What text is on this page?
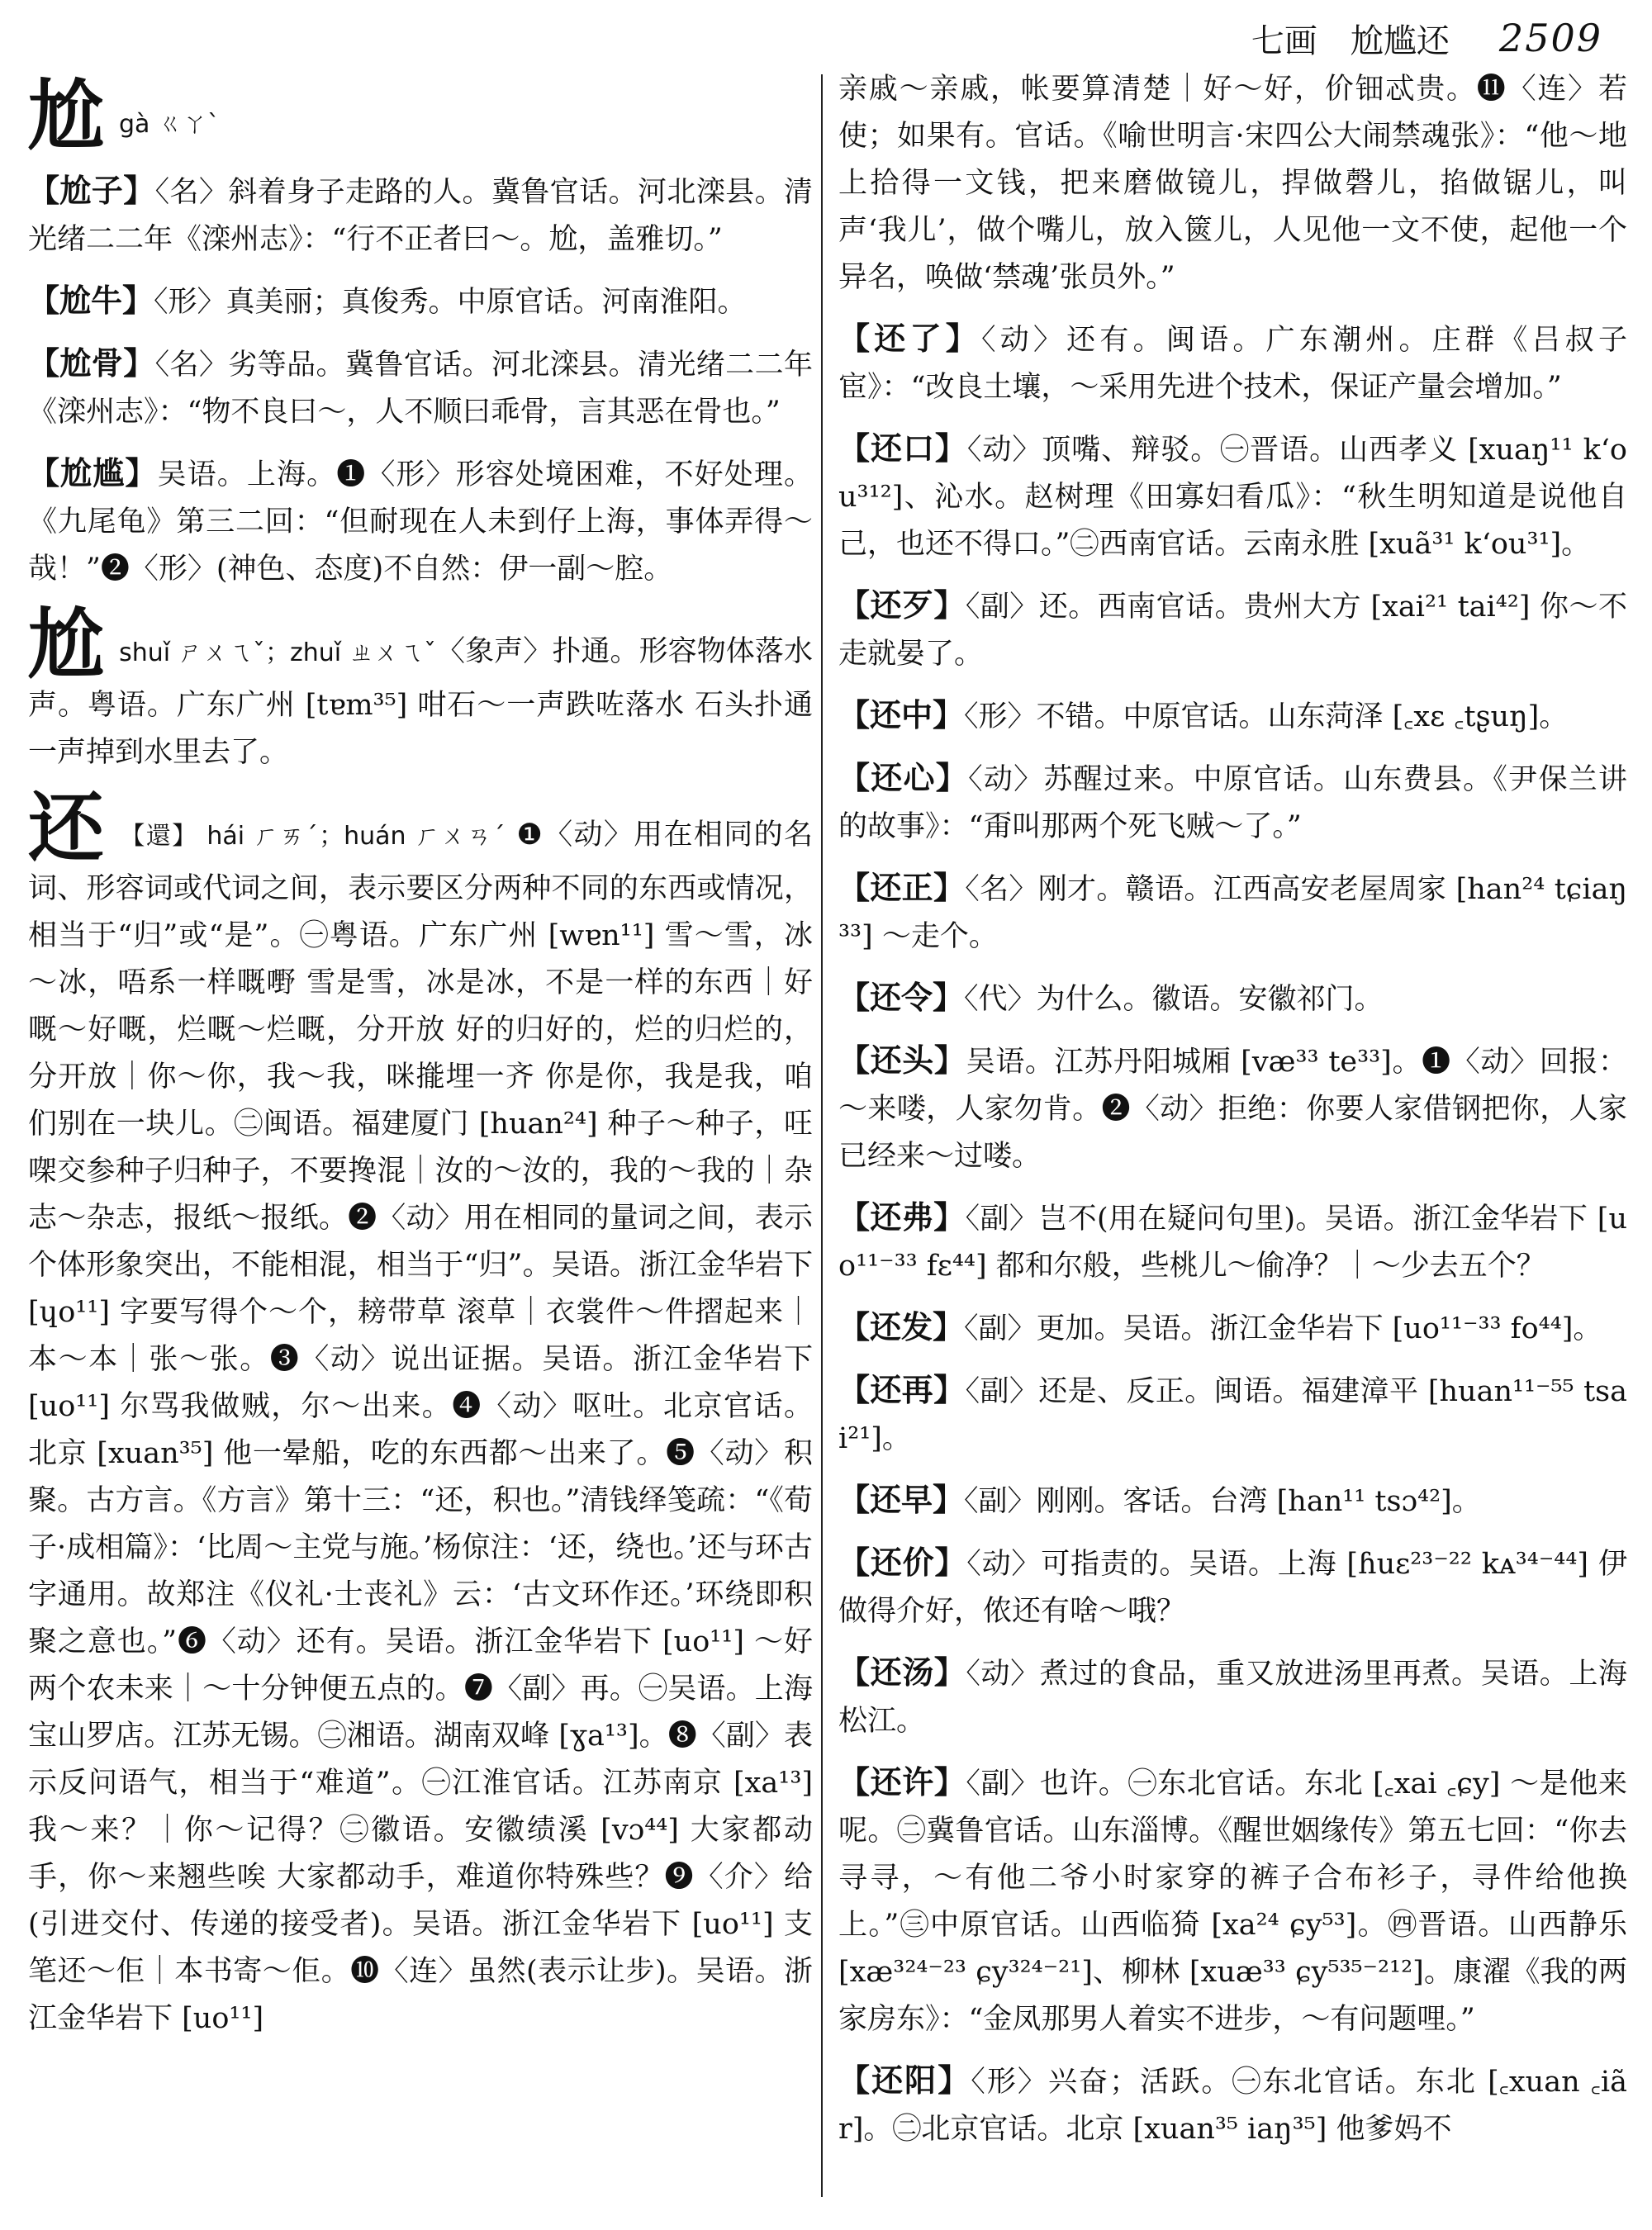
七画　尬尴还 2509

尬gà ㄍㄚˋ

【尬子】〈名〉斜着身子走路的人。冀鲁官话。河北滦县。清光绪二二年《滦州志》：“行不正者曰～。尬，盖雅切。”

【尬牛】〈形〉真美丽；真俊秀。中原官话。河南淮阳。

【尬骨】〈名〉劣等品。冀鲁官话。河北滦县。清光绪二二年《滦州志》：“物不良曰～，人不顺曰乖骨，言其恶在骨也。”

【尬尴】吴语。上海。❶〈形〉形容处境困难，不好处理。《九尾龟》第三二回：“但耐现在人未到仔上海，事体弄得～哉！”❷〈形〉(神色、态度)不自然：伊一副～腔。

尬shuǐ ㄕㄨㄟˇ；zhuǐ ㄓㄨㄟˇ〈象声〉扑通。形容物体落水声。粤语。广东广州 [tɐm³⁵] 咁石～一声跌咗落水 石头扑通一声掉到水里去了。

还 【還】 hái ㄏㄞˊ；huán ㄏㄨㄢˊ ❶〈动〉用在相同的名词、形容词或代词之间，表示要区分两种不同的东西或情况，相当于“归”或“是”。㊀粤语。广东广州 [wɐn¹¹] 雪～雪，冰～冰，唔系一样嘅嘢 雪是雪，冰是冰，不是一样的东西｜好嘅～好嘅，烂嘅～烂嘅，分开放 好的归好的，烂的归烂的，分开放｜你～你，我～我，咪㨢埋一齐 你是你，我是我，咱们别在一块儿。㊁闽语。福建厦门 [huan²⁴] 种子～种子，㕵㗎交参种子归种子，不要搀混｜汝的～汝的，我的～我的｜杂志～杂志，报纸～报纸。❷〈动〉用在相同的量词之间，表示个体形象突出，不能相混，相当于“归”。吴语。浙江金华岩下 [ɥo¹¹] 字要写得个～个，耪带草 滚草｜衣裳件～件摺起来｜本～本｜张～张。❸〈动〉说出证据。吴语。浙江金华岩下 [uo¹¹] 尔骂我做贼，尔～出来。❹〈动〉呕吐。北京官话。北京 [xuan³⁵] 他一晕船，吃的东西都～出来了。❺〈动〉积聚。古方言。《方言》第十三：“还，积也。”清钱绎笺疏：“《荀子·成相篇》：‘比周～主党与施。’杨倞注：‘还，绕也。’还与环古字通用。故郑注《仪礼·士丧礼》云：‘古文环作还。’环绕即积聚之意也。”❻〈动〉还有。吴语。浙江金华岩下 [uo¹¹] ～好两个农未来｜～十分钟便五点的。❼〈副〉再。㊀吴语。上海宝山罗店。江苏无锡。㊁湘语。湖南双峰 [ɣa¹³]。❽〈副〉表示反问语气，相当于“难道”。㊀江淮官话。江苏南京 [xa¹³] 我～来？｜你～记得？㊁徽语。安徽绩溪 [vɔ⁴⁴] 大家都动手，你～来翘些唉 大家都动手，难道你特殊些？❾〈介〉给(引进交付、传递的接受者)。吴语。浙江金华岩下 [uo¹¹] 支笔还～佢｜本书寄～佢。❿〈连〉虽然(表示让步)。吴语。浙江金华岩下 [uo¹¹]

亲戚～亲戚，帐要算清楚｜好～好，价钿忒贵。⓫〈连〉若使；如果有。官话。《喻世明言·宋四公大闹禁魂张》：“他～地上拾得一文钱，把来磨做镜儿，捍做磬儿，掐做锯儿，叫声‘我儿’，做个嘴儿，放入篋儿，人见他一文不使，起他一个异名，唤做‘禁魂’张员外。”

【还了】〈动〉还有。闽语。广东潮州。庄群《吕叔子宦》：“改良土壤，～采用先进个技术，保证产量会增加。”

【还口】〈动〉顶嘴、辩驳。㊀晋语。山西孝义 [xuaŋ¹¹ kʻou³¹²]、沁水。赵树理《田寡妇看瓜》：“秋生明知道是说他自己，也还不得口。”㊁西南官话。云南永胜 [xuã³¹ kʻou³¹]。

【还歹】〈副〉还。西南官话。贵州大方 [xai²¹ tai⁴²] 你～不走就晏了。

【还中】〈形〉不错。中原官话。山东菏泽 [꜀xɛ ꜀tʂuŋ]。

【还心】〈动〉苏醒过来。中原官话。山东费县。《尹保兰讲的故事》：“甭叫那两个死飞贼～了。”

【还正】〈名〉刚才。赣语。江西高安老屋周家 [han²⁴ tɕiaŋ³³] ～走个。

【还令】〈代〉为什么。徽语。安徽祁门。

【还头】吴语。江苏丹阳城厢 [væ³³ te³³]。❶〈动〉回报：～来喽，人家勿肯。❷〈动〉拒绝：你要人家借钢把你，人家已经来～过喽。

【还弗】〈副〉岂不(用在疑问句里)。吴语。浙江金华岩下 [uo¹¹⁻³³ fɛ⁴⁴] 都和尔般，些桃儿～偷净？｜～少去五个？

【还发】〈副〉更加。吴语。浙江金华岩下 [uo¹¹⁻³³ fo⁴⁴]。

【还再】〈副〉还是、反正。闽语。福建漳平 [huan¹¹⁻⁵⁵ tsai²¹]。

【还早】〈副〉刚刚。客话。台湾 [han¹¹ tsɔ⁴²]。

【还价】〈动〉可指责的。吴语。上海 [ɦuɛ²³⁻²² kᴀ³⁴⁻⁴⁴] 伊做得介好，侬还有啥～哦？

【还汤】〈动〉煮过的食品，重又放进汤里再煮。吴语。上海松江。

【还许】〈副〉也许。㊀东北官话。东北 [꜀xai ꜀ɕy] ～是他来呢。㊁冀鲁官话。山东淄博。《醒世姻缘传》第五七回：“你去寻寻，～有他二爷小时家穿的裤子合布衫子，寻件给他换上。”㊂中原官话。山西临猗 [xa²⁴ ɕy⁵³]。㊃晋语。山西静乐 [xæ³²⁴⁻²³ ɕy³²⁴⁻²¹]、柳林 [xuæ³³ ɕy⁵³⁵⁻²¹²]。康濯《我的两家房东》：“金凤那男人着实不进步，～有问题哩。”

【还阳】〈形〉兴奋；活跃。㊀东北官话。东北 [꜀xuan ꜀iãr]。㊁北京官话。北京 [xuan³⁵ iaŋ³⁵] 他爹妈不
